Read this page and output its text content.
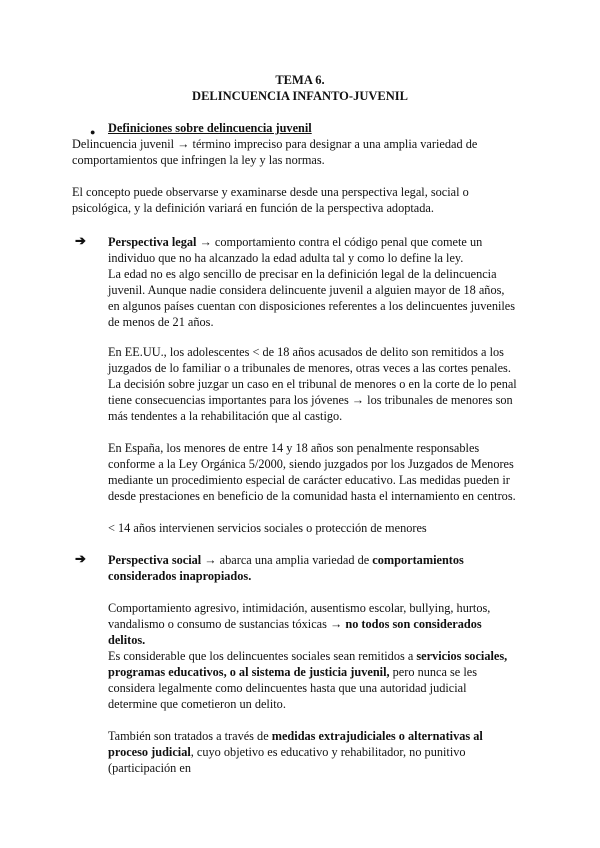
TEMA 6.
DELINCUENCIA INFANTO-JUVENIL
● Definiciones sobre delincuencia juvenil

Delincuencia juvenil → término impreciso para designar a una amplia variedad de comportamientos que infringen la ley y las normas.

El concepto puede observarse y examinarse desde una perspectiva legal, social o psicológica, y la definición variará en función de la perspectiva adoptada.

➔ Perspectiva legal → comportamiento contra el código penal que comete un individuo que no ha alcanzado la edad adulta tal y como lo define la ley.

La edad no es algo sencillo de precisar en la definición legal de la delincuencia juvenil. Aunque nadie considera delincuente juvenil a alguien mayor de 18 años, en algunos países cuentan con disposiciones referentes a los delincuentes juveniles de menos de 21 años.

En EE.UU., los adolescentes < de 18 años acusados de delito son remitidos a los juzgados de lo familiar o a tribunales de menores, otras veces a las cortes penales. La decisión sobre juzgar un caso en el tribunal de menores o en la corte de lo penal tiene consecuencias importantes para los jóvenes → los tribunales de menores son más tendentes a la rehabilitación que al castigo.

En España, los menores de entre 14 y 18 años son penalmente responsables conforme a la Ley Orgánica 5/2000, siendo juzgados por los Juzgados de Menores mediante un procedimiento especial de carácter educativo. Las medidas pueden ir desde prestaciones en beneficio de la comunidad hasta el internamiento en centros.

< 14 años intervienen servicios sociales o protección de menores

➔ Perspectiva social → abarca una amplia variedad de comportamientos considerados inapropiados.

Comportamiento agresivo, intimidación, ausentismo escolar, bullying, hurtos, vandalismo o consumo de sustancias tóxicas → no todos son considerados delitos.

Es considerable que los delincuentes sociales sean remitidos a servicios sociales, programas educativos, o al sistema de justicia juvenil, pero nunca se les considera legalmente como delincuentes hasta que una autoridad judicial determine que cometieron un delito.

También son tratados a través de medidas extrajudiciales o alternativas al proceso judicial, cuyo objetivo es educativo y rehabilitador, no punitivo (participación en
